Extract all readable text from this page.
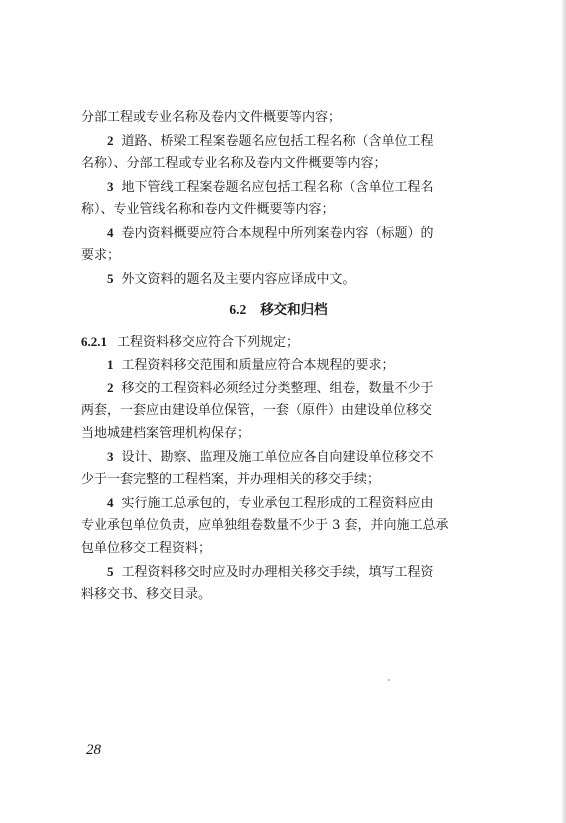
分部工程或专业名称及卷内文件概要等内容；
2 道路、桥梁工程案卷题名应包括工程名称（含单位工程
名称）、分部工程或专业名称及卷内文件概要等内容；
3 地下管线工程案卷题名应包括工程名称（含单位工程名
称）、专业管线名称和卷内文件概要等内容；
4 卷内资料概要应符合本规程中所列案卷内容（标题）的
要求；
5 外文资料的题名及主要内容应译成中文。
6.2 移交和归档
6.2.1 工程资料移交应符合下列规定；
1 工程资料移交范围和质量应符合本规程的要求；
2 移交的工程资料必须经过分类整理、组卷，数量不少于
两套，一套应由建设单位保管，一套（原件）由建设单位移交
当地城建档案管理机构保存；
3 设计、勘察、监理及施工单位应各自向建设单位移交不
少于一套完整的工程档案，并办理相关的移交手续；
4 实行施工总承包的，专业承包工程形成的工程资料应由
专业承包单位负责，应单独组卷数量不少于 3 套，并向施工总承
包单位移交工程资料；
5 工程资料移交时应及时办理相关移交手续，填写工程资
料移交书、移交目录。
28
